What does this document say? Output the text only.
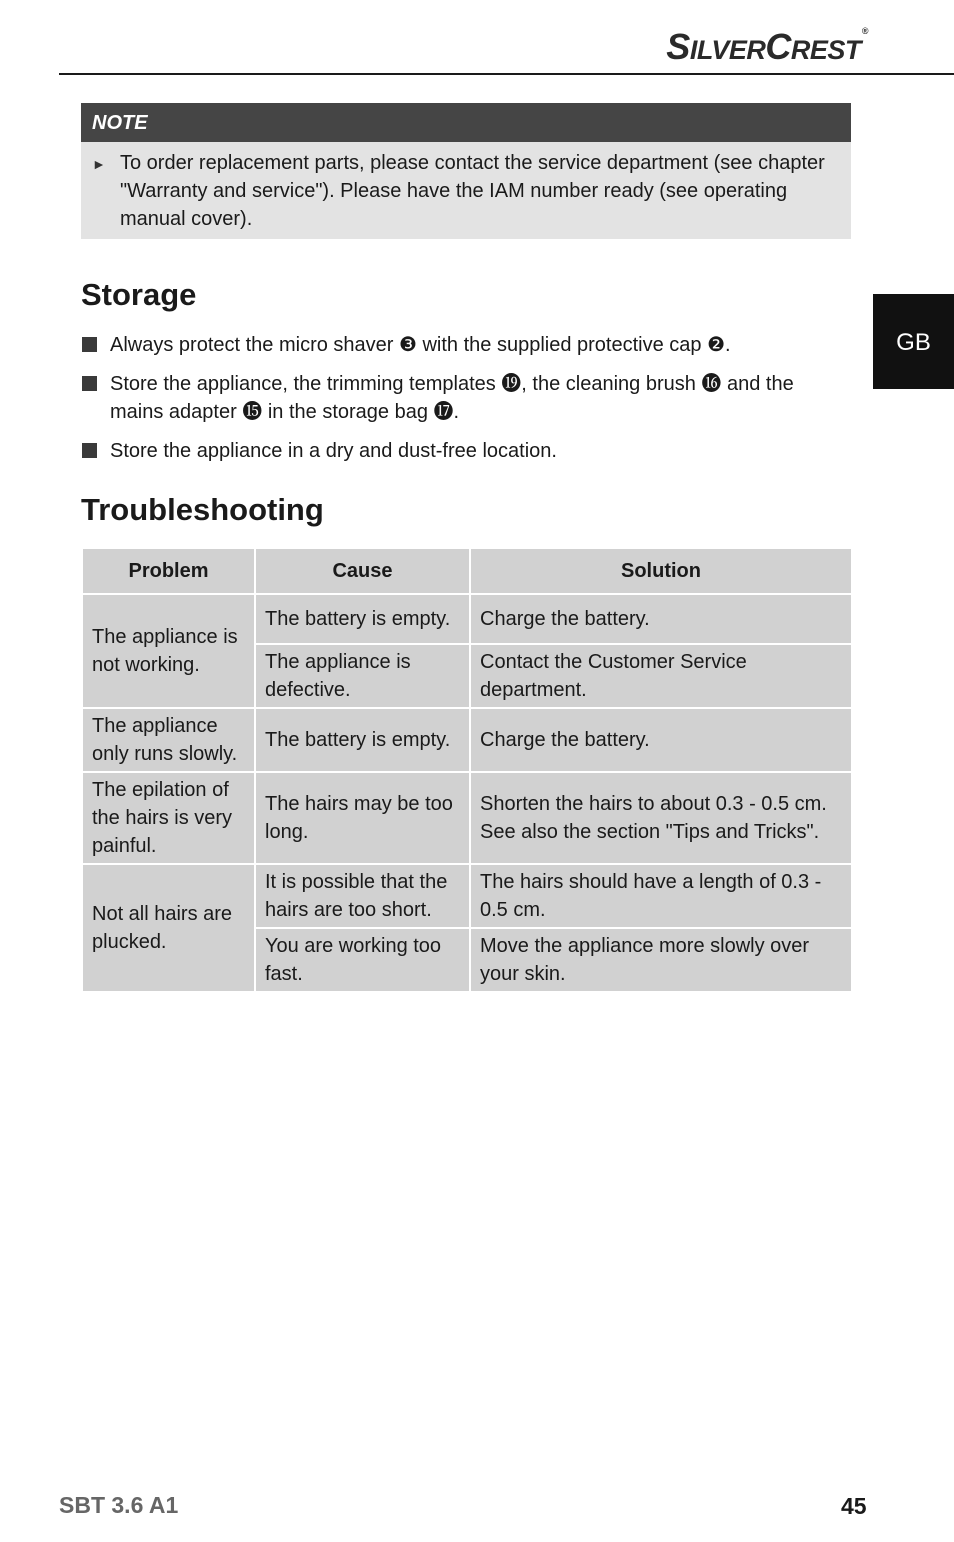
SILVERCREST®
NOTE
► To order replacement parts, please contact the service department (see chapter "Warranty and service"). Please have the IAM number ready (see operating manual cover).
GB
Storage
Always protect the micro shaver ❸ with the supplied protective cap ❷.
Store the appliance, the trimming templates ⓳, the cleaning brush ⓰ and the mains adapter ⓯ in the storage bag ⓱.
Store the appliance in a dry and dust-free location.
Troubleshooting
Problem	Cause	Solution
The appliance is not working.	The battery is empty.	Charge the battery.
	The appliance is defective.	Contact the Customer Service department.
The appliance only runs slowly.	The battery is empty.	Charge the battery.
The epilation of the hairs is very painful.	The hairs may be too long.	Shorten the hairs to about 0.3 - 0.5 cm. See also the section "Tips and Tricks".
Not all hairs are plucked.	It is possible that the hairs are too short.	The hairs should have a length of 0.3 - 0.5 cm.
	You are working too fast.	Move the appliance more slowly over your skin.
SBT 3.6 A1	45
